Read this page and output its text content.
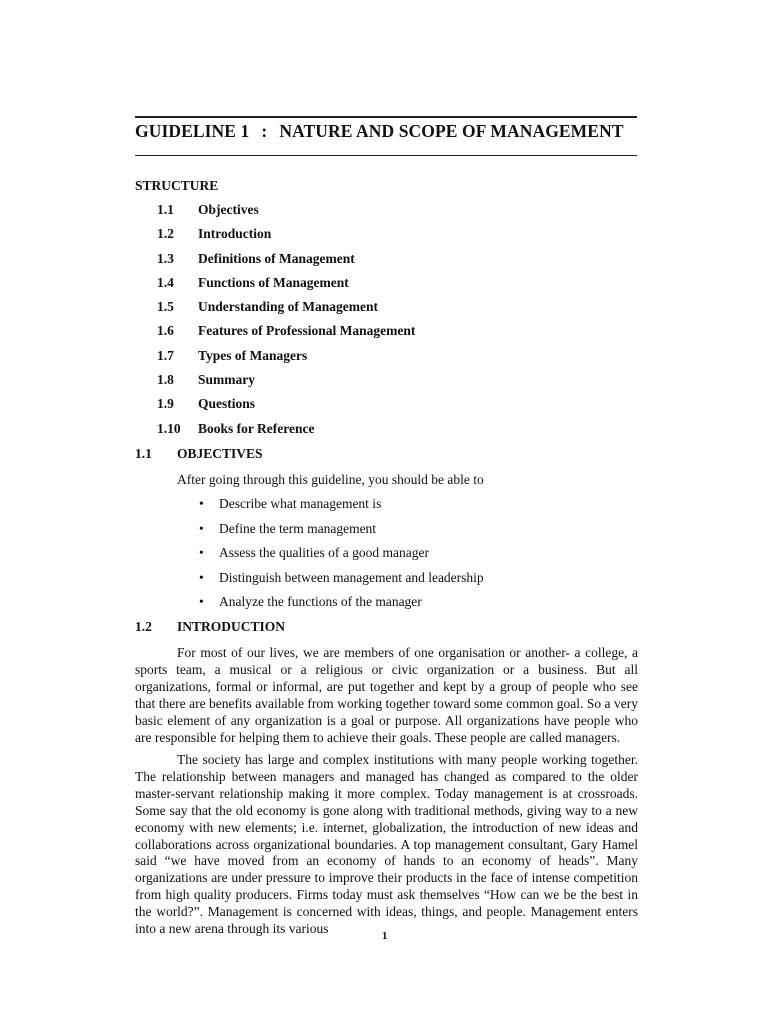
GUIDELINE 1 : NATURE AND SCOPE OF MANAGEMENT
STRUCTURE
1.1	Objectives
1.2	Introduction
1.3	Definitions of Management
1.4	Functions of Management
1.5	Understanding of Management
1.6	Features of Professional Management
1.7	Types of Managers
1.8	Summary
1.9	Questions
1.10	Books for Reference
1.1	OBJECTIVES
After going through this guideline, you should be able to
•	Describe what management is
•	Define the term management
•	Assess the qualities of a good manager
•	Distinguish between management and leadership
•	Analyze the functions of the manager
1.2	INTRODUCTION

For most of our lives, we are members of one organisation or another- a college, a sports team, a musical or a religious or civic organization or a business. But all organizations, formal or informal, are put together and kept by a group of people who see that there are benefits available from working together toward some common goal. So a very basic element of any organization is a goal or purpose. All organizations have people who are responsible for helping them to achieve their goals. These people are called managers.

The society has large and complex institutions with many people working together. The relationship between managers and managed has changed as compared to the older master-servant relationship making it more complex. Today management is at crossroads. Some say that the old economy is gone along with traditional methods, giving way to a new economy with new elements; i.e. internet, globalization, the introduction of new ideas and collaborations across organizational boundaries. A top management consultant, Gary Hamel said “we have moved from an economy of hands to an economy of heads”. Many organizations are under pressure to improve their products in the face of intense competition from high quality producers. Firms today must ask themselves “How can we be the best in the world?”. Management is concerned with ideas, things, and people. Management enters into a new arena through its various	1
